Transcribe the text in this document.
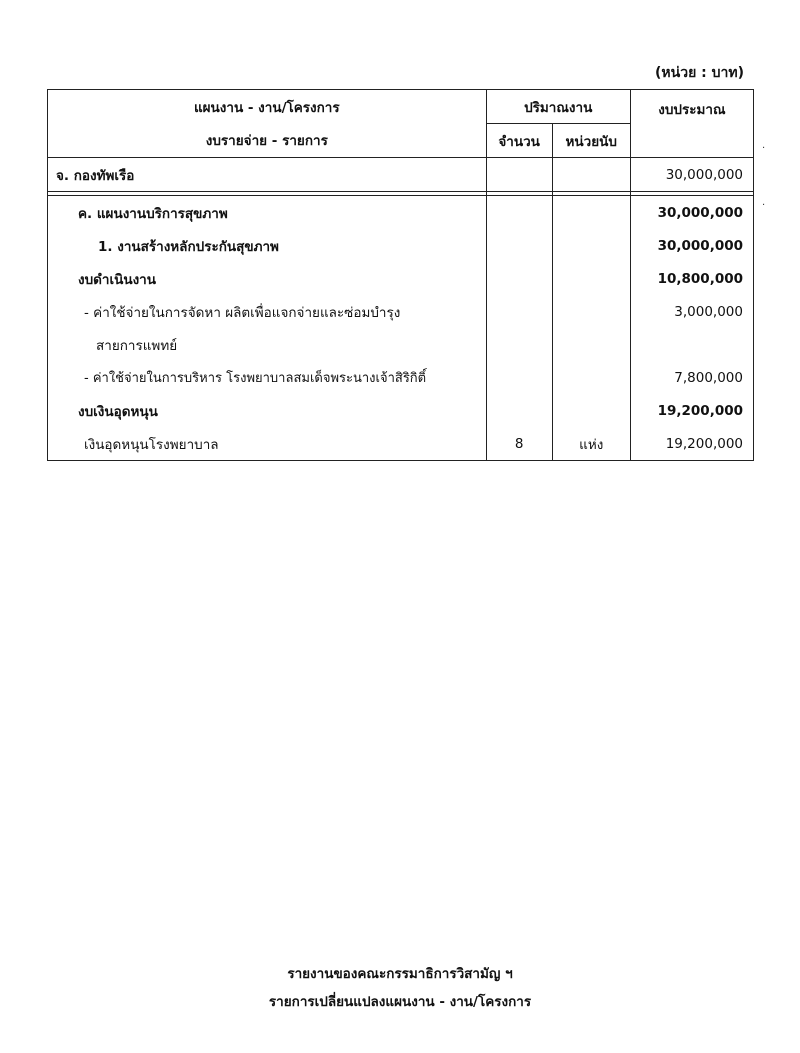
(หน่วย : บาท)
แผนงาน - งาน/โครงการ	ปริมาณงาน		งบประมาณ
งบรายจ่าย - รายการ	จำนวน	หน่วยนับ	
จ. กองทัพเรือ			30,000,000

ค. แผนงานบริการสุขภาพ			30,000,000
1. งานสร้างหลักประกันสุขภาพ			30,000,000
งบดำเนินงาน			10,800,000
- ค่าใช้จ่ายในการจัดหา ผลิตเพื่อแจกจ่ายและซ่อมบำรุง			3,000,000
สายการแพทย์			
- ค่าใช้จ่ายในการบริหาร โรงพยาบาลสมเด็จพระนางเจ้าสิริกิติ์			7,800,000
งบเงินอุดหนุน			19,200,000
เงินอุดหนุนโรงพยาบาล	8	แห่ง	19,200,000
·
·
รายงานของคณะกรรมาธิการวิสามัญ ฯ
รายการเปลี่ยนแปลงแผนงาน - งาน/โครงการ
